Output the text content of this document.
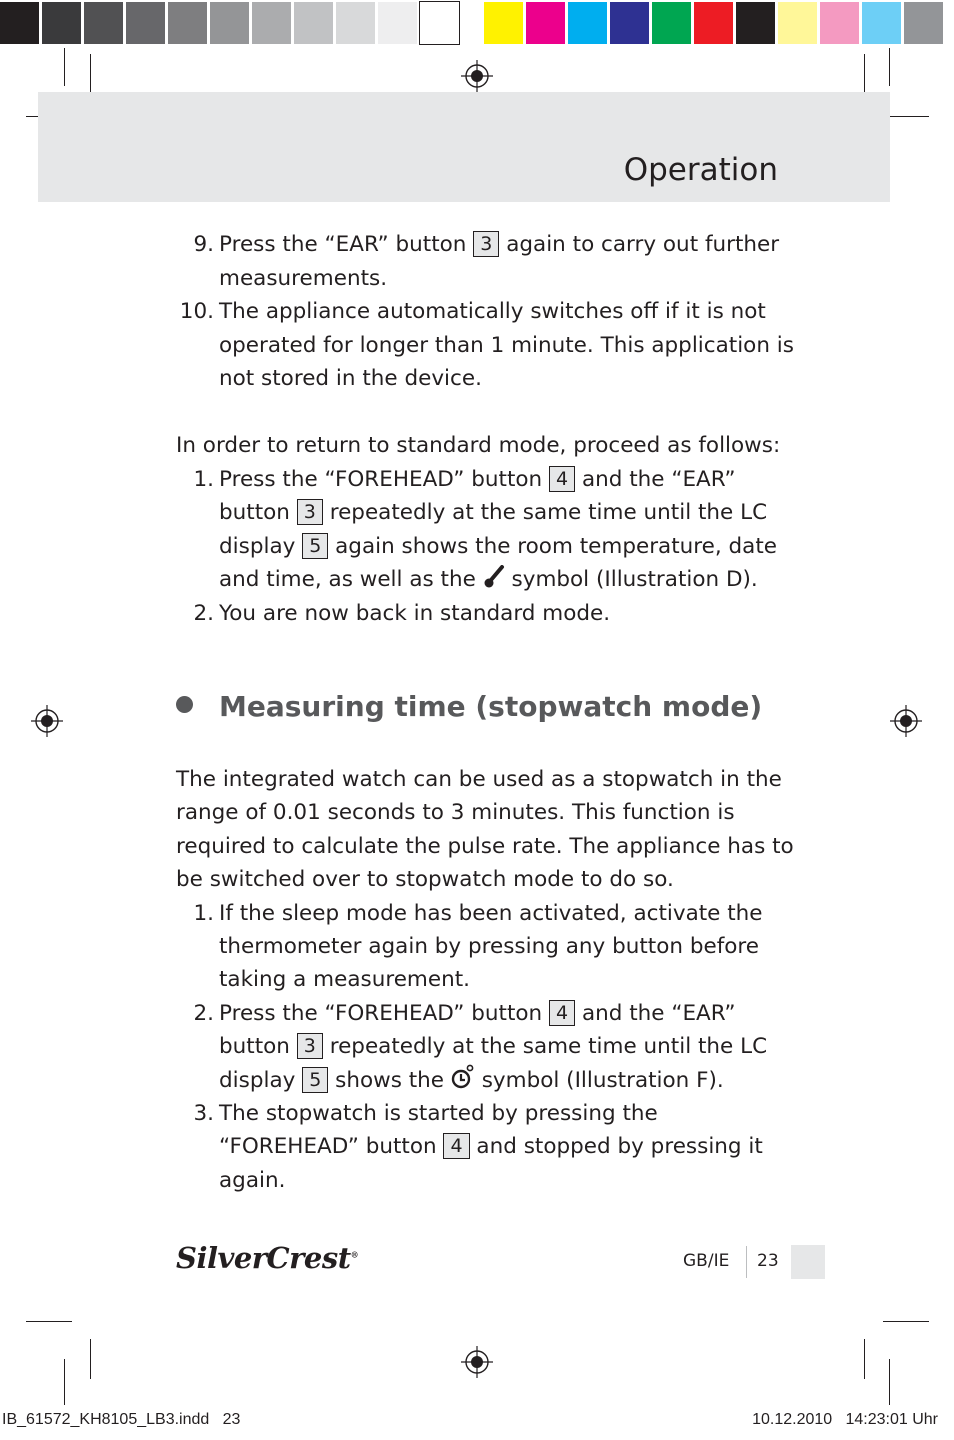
Operation
9. Press the “EAR” button 3 again to carry out further measurements.
10. The appliance automatically switches off if it is not operated for longer than 1 minute. This application is not stored in the device.

In order to return to standard mode, proceed as follows:

1. Press the “FOREHEAD” button 4 and the “EAR” button 3 repeatedly at the same time until the LC display 5 again shows the room temperature, date and time, as well as the symbol (Illustration D).
2. You are now back in standard mode.
Measuring time (stopwatch mode)

The integrated watch can be used as a stopwatch in the range of 0.01 seconds to 3 minutes. This function is required to calculate the pulse rate. The appliance has to be switched over to stopwatch mode to do so.

1. If the sleep mode has been activated, activate the thermometer again by pressing any button before taking a measurement.
2. Press the “FOREHEAD” button 4 and the “EAR” button 3 repeatedly at the same time until the LC display 5 shows the symbol (Illustration F).
3. The stopwatch is started by pressing the “FOREHEAD” button 4 and stopped by pressing it again.
SilverCrest®	GB/IE 23
IB_61572_KH8105_LB3.indd   23	10.12.2010   14:23:01 Uhr
